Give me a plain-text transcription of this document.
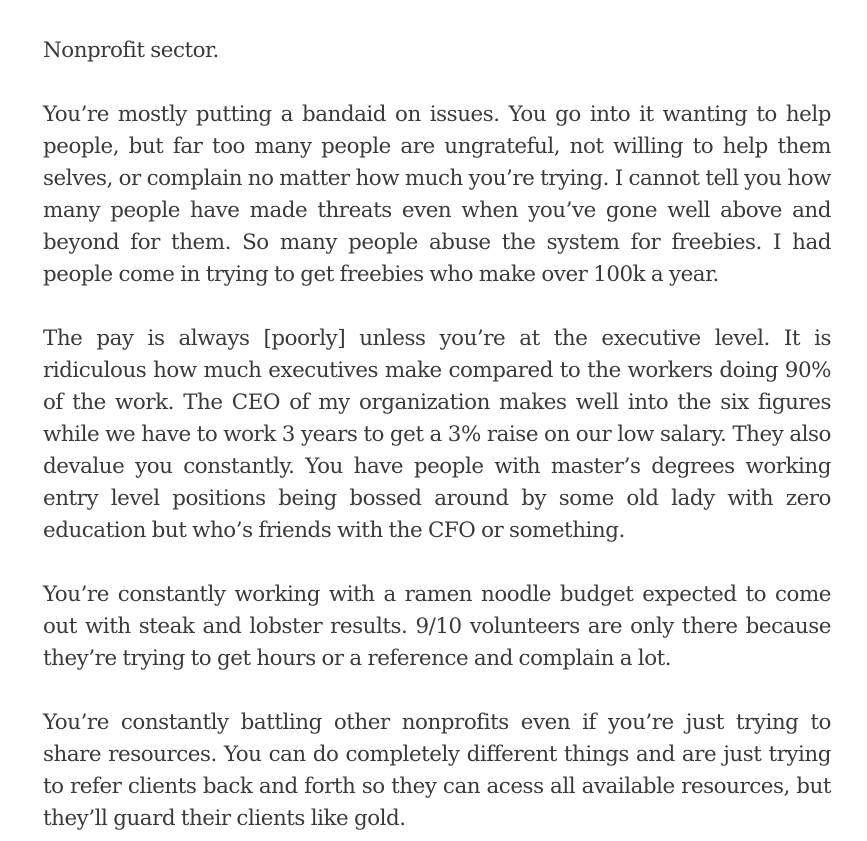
Nonprofit sector.

You’re mostly putting a bandaid on issues. You go into it wanting to help people, but far too many people are ungrateful, not willing to help them selves, or complain no matter how much you’re trying. I cannot tell you how many people have made threats even when you’ve gone well above and beyond for them. So many people abuse the system for freebies. I had people come in trying to get freebies who make over 100k a year.

The pay is always [poorly] unless you’re at the executive level. It is ridiculous how much executives make compared to the workers doing 90% of the work. The CEO of my organization makes well into the six figures while we have to work 3 years to get a 3% raise on our low salary. They also devalue you constantly. You have people with master’s degrees working entry level positions being bossed around by some old lady with zero education but who’s friends with the CFO or something.

You’re constantly working with a ramen noodle budget expected to come out with steak and lobster results. 9/10 volunteers are only there because they’re trying to get hours or a reference and complain a lot.

You’re constantly battling other nonprofits even if you’re just trying to share resources. You can do completely different things and are just trying to refer clients back and forth so they can acess all available resources, but they’ll guard their clients like gold.
